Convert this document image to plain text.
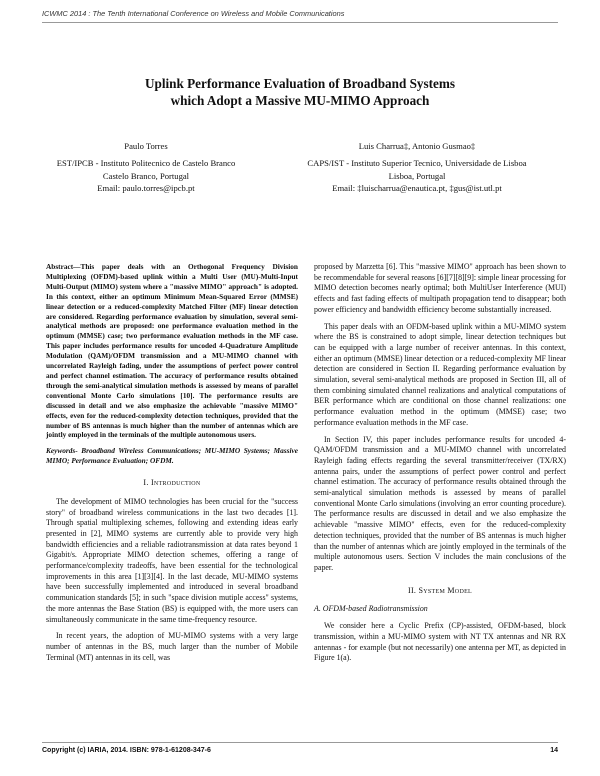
ICWMC 2014 : The Tenth International Conference on Wireless and Mobile Communications
Uplink Performance Evaluation of Broadband Systems
which Adopt a Massive MU-MIMO Approach
Paulo Torres
EST/IPCB - Instituto Politecnico de Castelo Branco
Castelo Branco, Portugal
Email: paulo.torres@ipcb.pt
Luis Charrua‡, Antonio Gusmao‡
CAPS/IST - Instituto Superior Tecnico, Universidade de Lisboa
Lisboa, Portugal
Email: ‡luischarrua@enautica.pt, ‡gus@ist.utl.pt

Abstract—This paper deals with an Orthogonal Frequency Division Multiplexing (OFDM)-based uplink within a Multi User (MU)-Multi-Input Multi-Output (MIMO) system where a "massive MIMO" approach" is adopted. In this context, either an optimum Minimum Mean-Squared Error (MMSE) linear detection or a reduced-complexity Matched Filter (MF) linear detection are considered. Regarding performance evaluation by simulation, several semi-analytical methods are proposed: one performance evaluation method in the optimum (MMSE) case; two performance evaluation methods in the MF case. This paper includes performance results for uncoded 4-Quadrature Amplitude Modulation (QAM)/OFDM transmission and a MU-MIMO channel with uncorrelated Rayleigh fading, under the assumptions of perfect power control and perfect channel estimation. The accuracy of performance results obtained through the semi-analytical simulation methods is assessed by means of parallel conventional Monte Carlo simulations [10]. The performance results are discussed in detail and we also emphasize the achievable "massive MIMO" effects, even for the reduced-complexity detection techniques, provided that the number of BS antennas is much higher than the number of antennas which are jointly employed in the terminals of the multiple autonomous users.

Keywords- Broadband Wireless Communications; MU-MIMO Systems; Massive MIMO; Performance Evaluation; OFDM.

I. Introduction

The development of MIMO technologies has been crucial for the "success story" of broadband wireless communications in the last two decades [1]. Through spatial multiplexing schemes, following and extending ideas early presented in [2], MIMO systems are currently able to provide very high bandwidth efficiencies and a reliable radiotransmission at data rates beyond 1 Gigabit/s. Appropriate MIMO detection schemes, offering a range of performance/complexity tradeoffs, have been essential for the technological improvements in this area [1][3][4]. In the last decade, MU-MIMO systems have been successfully implemented and introduced in several broadband communication standards [5]; in such "space division mutiple access" systems, the more antennas the Base Station (BS) is equipped with, the more users can simultaneously communicate in the same time-frequency resource.

In recent years, the adoption of MU-MIMO systems with a very large number of antennas in the BS, much larger than the number of Mobile Terminal (MT) antennas in its cell, was

proposed by Marzetta [6]. This "massive MIMO" approach has been shown to be recommendable for several reasons [6][7][8][9]: simple linear processing for MIMO detection becomes nearly optimal; both MultiUser Interference (MUI) effects and fast fading effects of multipath propagation tend to disappear; both power efficiency and bandwidth efficiency become substantially increased.

This paper deals with an OFDM-based uplink within a MU-MIMO system where the BS is constrained to adopt simple, linear detection techniques but can be equipped with a large number of receiver antennas. In this context, either an optimum (MMSE) linear detection or a reduced-complexity MF linear detection are considered in Section II. Regarding performance evaluation by simulation, several semi-analytical methods are proposed in Section III, all of them combining simulated channel realizations and analytical computations of BER performance which are conditional on those channel realizations: one performance evaluation method in the optimum (MMSE) case; two performance evaluation methods in the MF case.

In Section IV, this paper includes performance results for uncoded 4-QAM/OFDM transmission and a MU-MIMO channel with uncorrelated Rayleigh fading effects regarding the several transmitter/receiver (TX/RX) antenna pairs, under the assumptions of perfect power control and perfect channel estimation. The accuracy of performance results obtained through the semi-analytical simulation methods is assessed by means of parallel conventional Monte Carlo simulations (involving an error counting procedure). The performance results are discussed in detail and we also emphasize the achievable "massive MIMO" effects, even for the reduced-complexity detection techniques, provided that the number of BS antennas is much higher than the number of antennas which are jointly employed in the terminals of the multiple autonomous users. Section V includes the main conclusions of the paper.

II. System Model

A. OFDM-based Radiotransmission

We consider here a Cyclic Prefix (CP)-assisted, OFDM-based, block transmission, within a MU-MIMO system with NT TX antennas and NR RX antennas - for example (but not necessarily) one antenna per MT, as depicted in Figure 1(a).

Copyright (c) IARIA, 2014. ISBN: 978-1-61208-347-6	14
